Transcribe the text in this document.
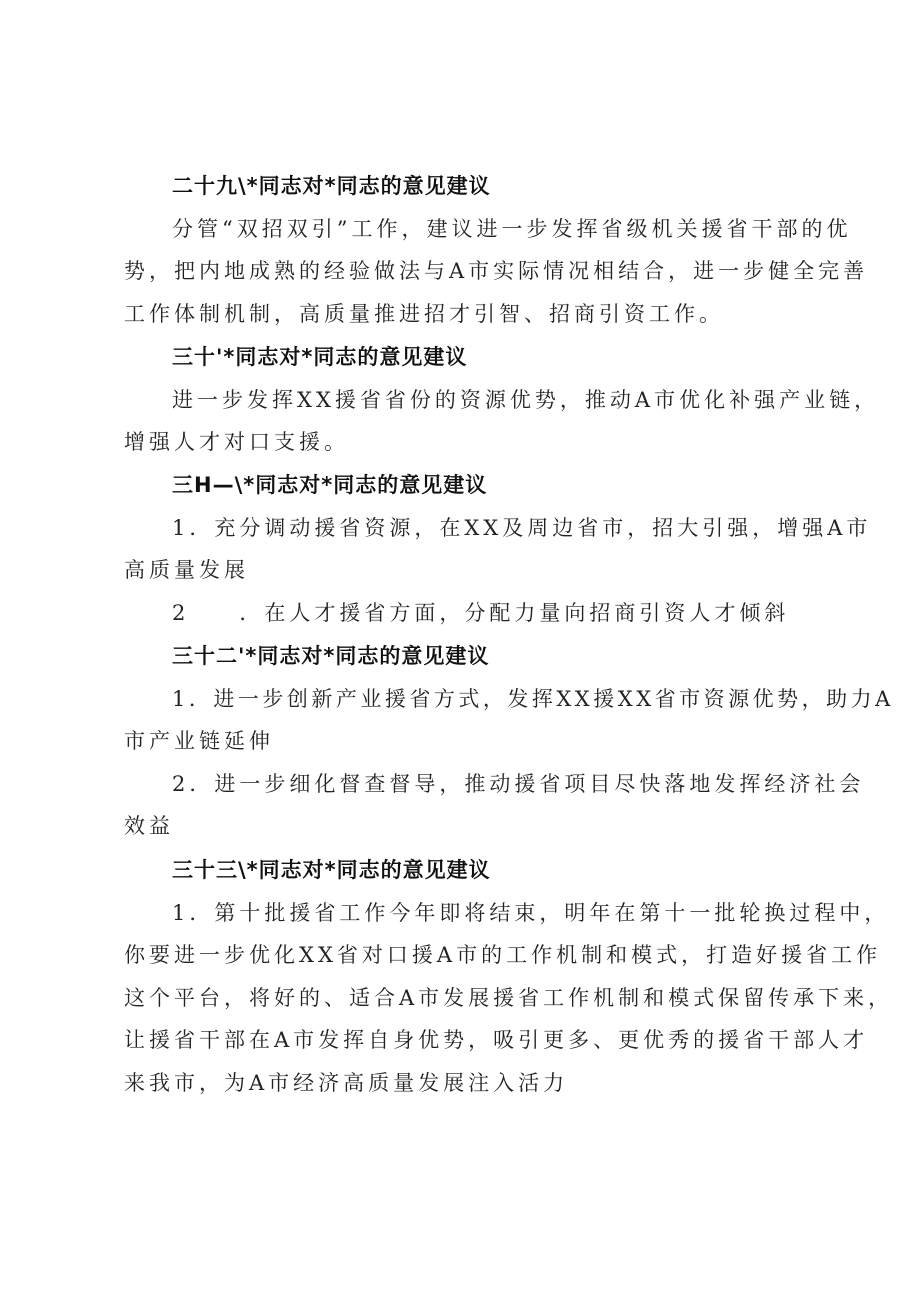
二十九\*同志对*同志的意见建议
分管“双招双引”工作，建议进一步发挥省级机关援省干部的优
势，把内地成熟的经验做法与A市实际情况相结合，进一步健全完善
工作体制机制，高质量推进招才引智、招商引资工作。
三十'*同志对*同志的意见建议
进一步发挥XX援省省份的资源优势，推动A市优化补强产业链，
增强人才对口支援。
三H—\*同志对*同志的意见建议
1．充分调动援省资源，在XX及周边省市，招大引强，增强A市
高质量发展
2　　．在人才援省方面，分配力量向招商引资人才倾斜
三十二'*同志对*同志的意见建议
1．进一步创新产业援省方式，发挥XX援XX省市资源优势，助力A
市产业链延伸
2．进一步细化督查督导，推动援省项目尽快落地发挥经济社会
效益
三十三\*同志对*同志的意见建议
1．第十批援省工作今年即将结束，明年在第十一批轮换过程中，
你要进一步优化XX省对口援A市的工作机制和模式，打造好援省工作
这个平台，将好的、适合A市发展援省工作机制和模式保留传承下来，
让援省干部在A市发挥自身优势，吸引更多、更优秀的援省干部人才
来我市，为A市经济高质量发展注入活力
